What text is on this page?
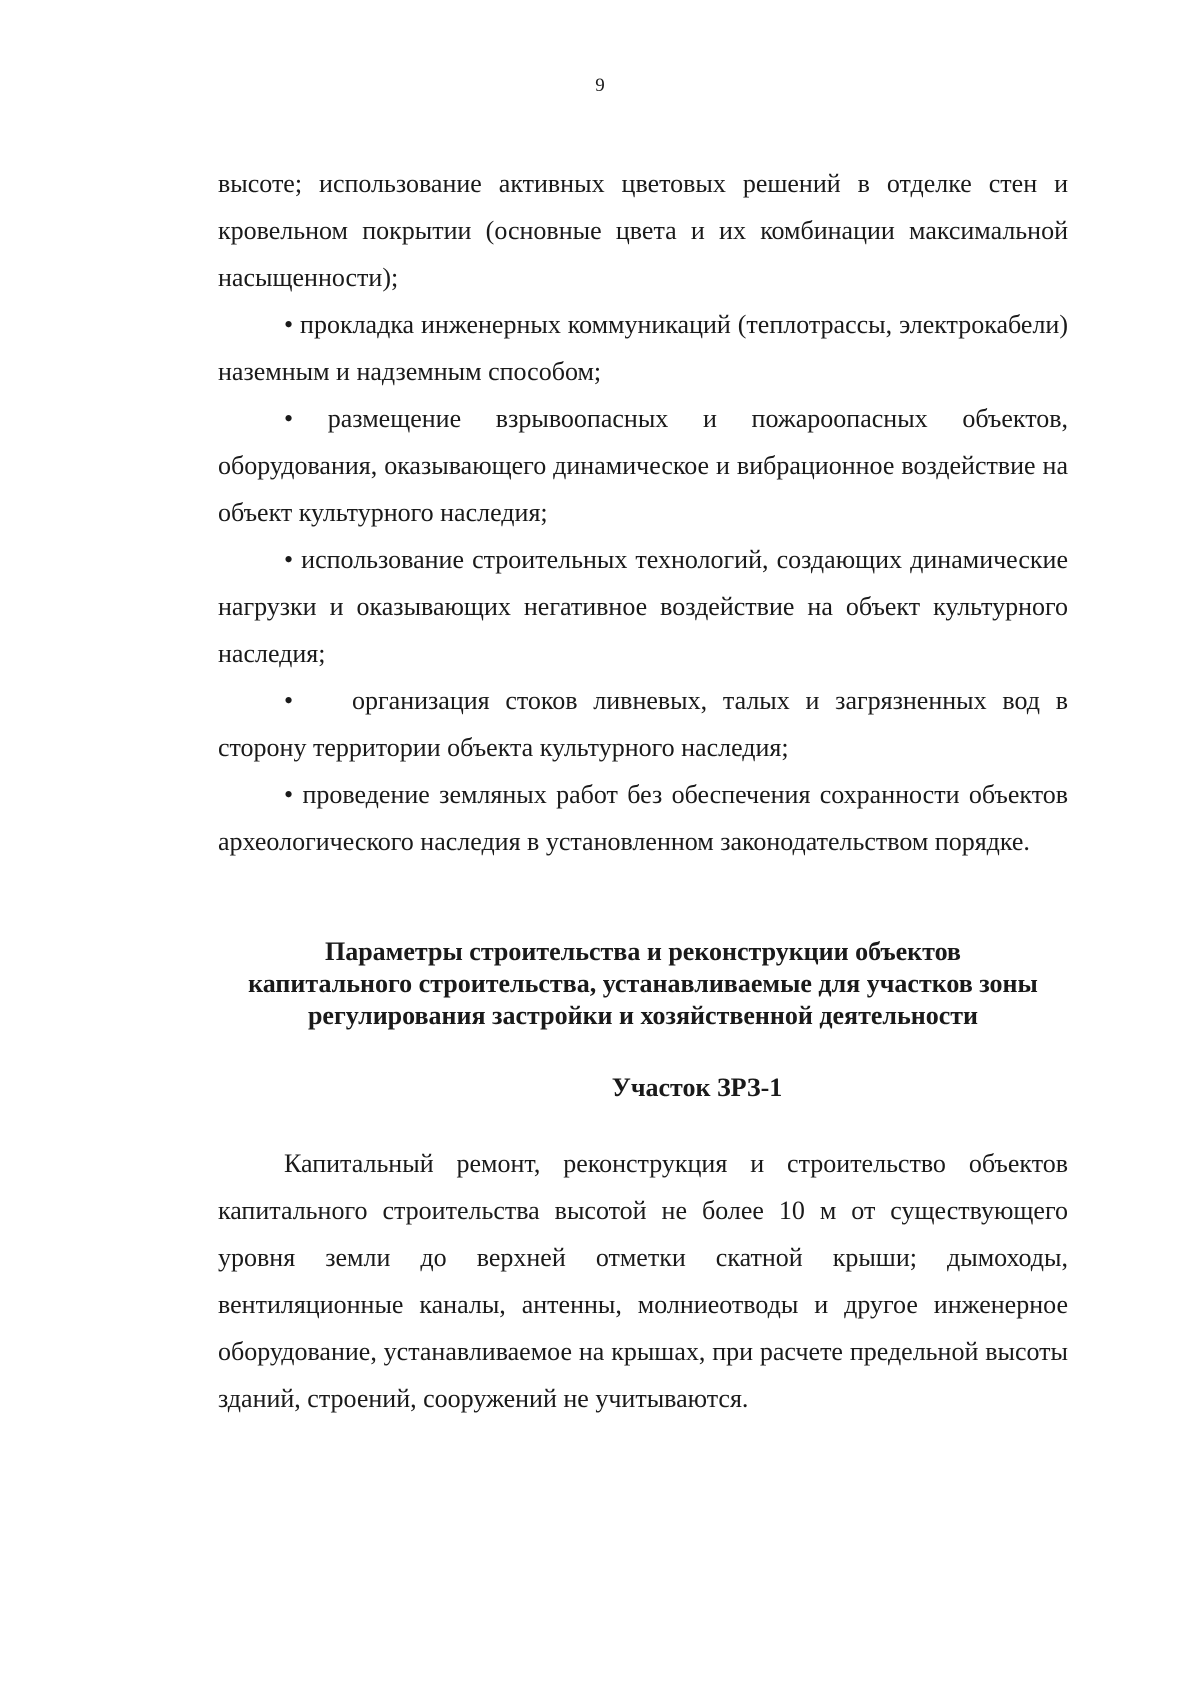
9

высоте; использование активных цветовых решений в отделке стен и кровельном покрытии (основные цвета и их комбинации максимальной насыщенности);

• прокладка инженерных коммуникаций (теплотрассы, электрокабели) наземным и надземным способом;

• размещение взрывоопасных и пожароопасных объектов, оборудования, оказывающего динамическое и вибрационное воздействие на объект культурного наследия;

• использование строительных технологий, создающих динамические нагрузки и оказывающих негативное воздействие на объект культурного наследия;

• организация стоков ливневых, талых и загрязненных вод в сторону территории объекта культурного наследия;

• проведение земляных работ без обеспечения сохранности объектов археологического наследия в установленном законодательством порядке.

Параметры строительства и реконструкции объектов
капитального строительства, устанавливаемые для участков зоны
регулирования застройки и хозяйственной деятельности
Участок ЗРЗ-1

Капитальный ремонт, реконструкция и строительство объектов капитального строительства высотой не более 10 м от существующего уровня земли до верхней отметки скатной крыши; дымоходы, вентиляционные каналы, антенны, молниеотводы и другое инженерное оборудование, устанавливаемое на крышах, при расчете предельной высоты зданий, строений, сооружений не учитываются.
